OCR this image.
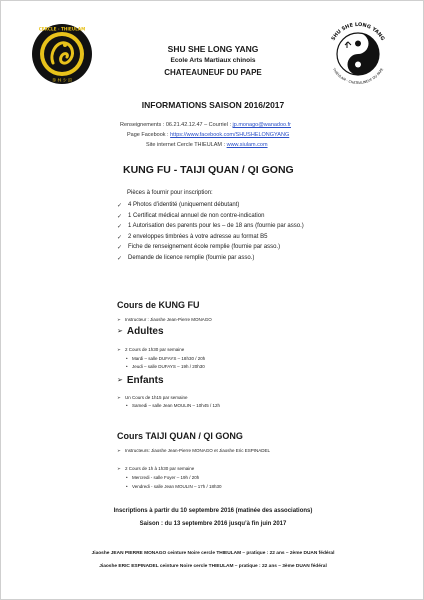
CERCLE · THIEULAM
拳 林 少 頂
SHU SHE LONG YANG
THIEULAM - CHATEAUNEUF DU PAPE
SHU SHE LONG YANG
Ecole Arts Martiaux chinois
CHATEAUNEUF DU PAPE
INFORMATIONS SAISON 2016/2017
Renseignements : 06.21.42.12.47 – Courriel : jp.monago@wanadoo.fr
Page Facebook : https://www.facebook.com/SHUSHELONGYANG
Site internet Cercle THIEULAM : www.siulam.com
KUNG FU - TAIJI QUAN / QI GONG
Pièces à fournir pour inscription:
✓ 4 Photos d’identité (uniquement débutant)
✓ 1 Certificat médical annuel de non contre-indication
✓ 1 Autorisation des parents pour les – de 18 ans (fournie par asso.)
✓ 2 enveloppes timbrées à votre adresse au format B5
✓ Fiche de renseignement école remplie (fournie par asso.)
✓ Demande de licence remplie (fournie par asso.)
Cours de KUNG FU
➢ Instructeur : Jiaoshe Jean-Pierre MONAGO
➢ Adultes
➢ 2 Cours de 1h30 par semaine
• Mardi – salle DUFAYS – 18h30 / 20h
• Jeudi – salle DUFAYS – 19h / 20h30
➢ Enfants
➢ Un Cours de 1h15 par semaine
• Samedi – salle Jean MOULIN – 10h45 / 12h
Cours TAIJI QUAN / QI GONG
➢ Instructeurs: Jiaoshe Jean-Pierre MONAGO et Jiaoshe Eric ESPINADEL
➢ 2 Cours de 1h à 1h30 par semaine
• Mercredi - salle Foyer – 19h / 20h
• Vendredi - salle Jean MOULIN – 17h / 18h30
Inscriptions à partir du 10 septembre 2016 (matinée des associations)
Saison : du 13 septembre 2016 jusqu’à fin juin 2017
Jiaoshe JEAN PIERRE MONAGO ceinture Noire cercle THIEULAM – pratique : 22 ans – 2ème DUAN fédéral
Jiaoshe ERIC ESPINADEL ceinture Noire cercle THIEULAM – pratique : 22 ans – 3ème DUAN fédéral
